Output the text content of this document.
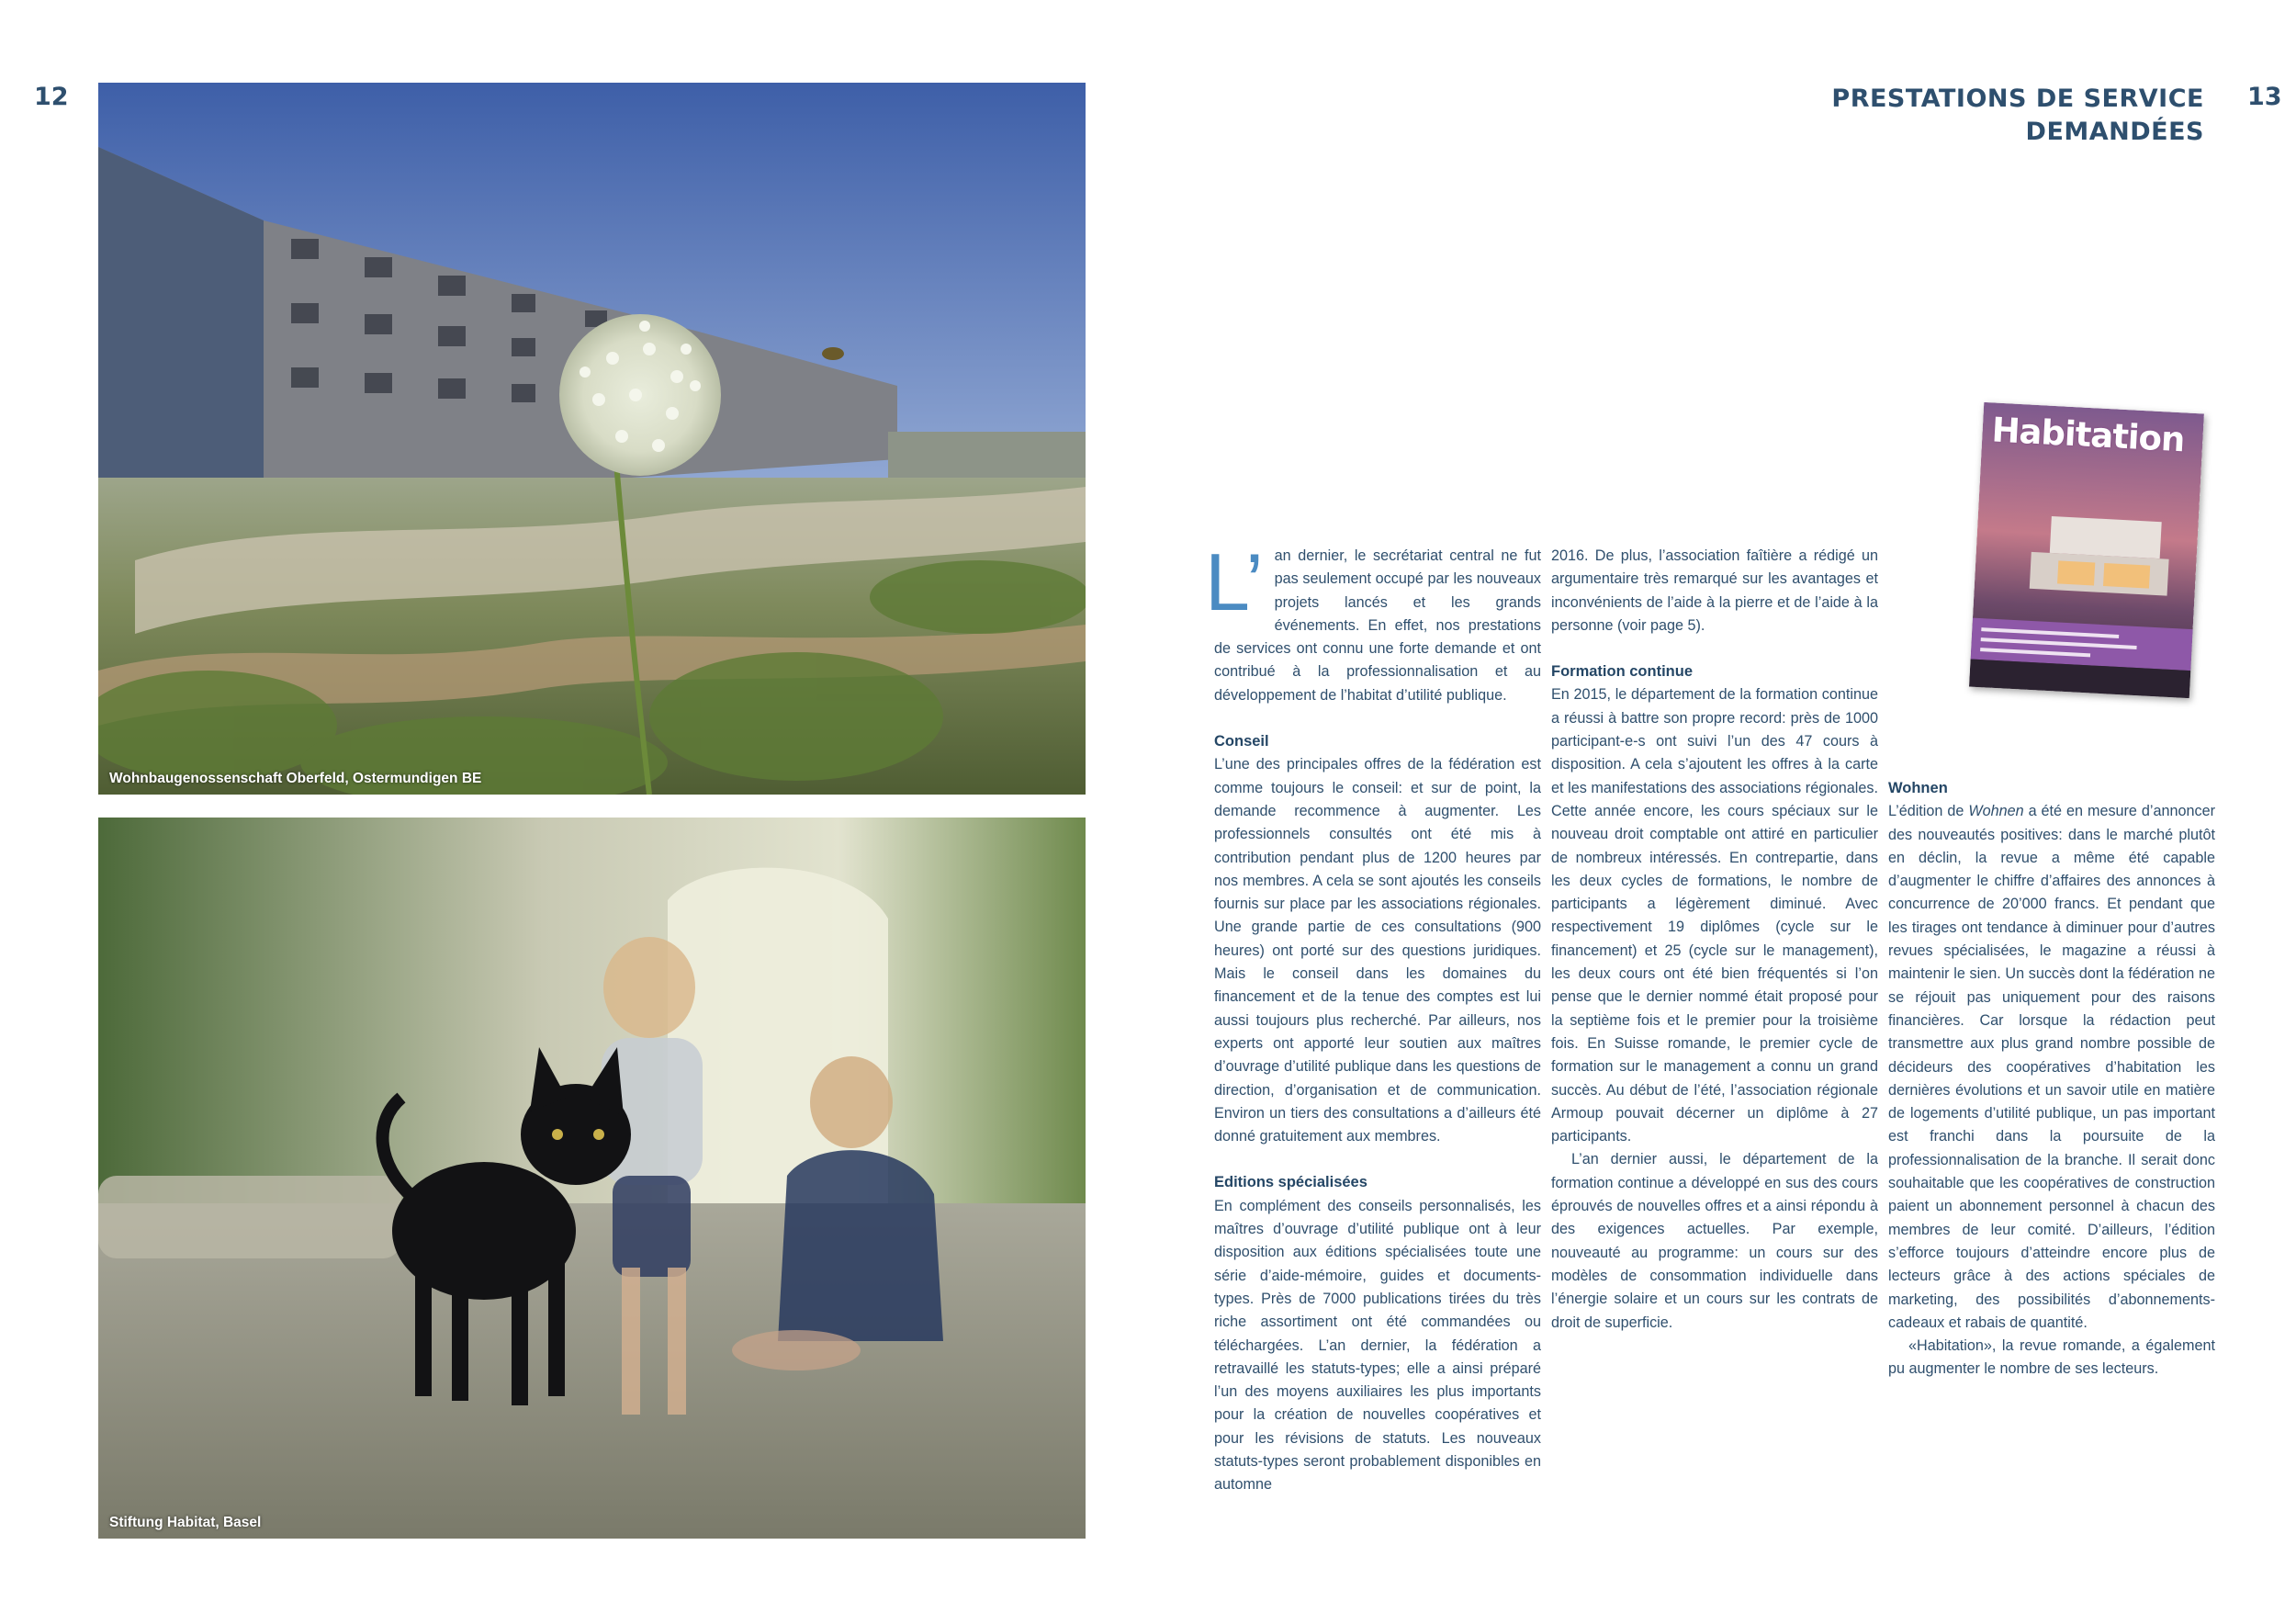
12
Wohnbaugenossenschaft Oberfeld, Ostermundigen BE
Stiftung Habitat, Basel
PRESTATIONS DE SERVICE
DEMANDÉES
13
Habitation

L’ an dernier, le secrétariat central ne fut pas seulement occupé par les nouveaux projets lancés et les grands événements. En effet, nos prestations de services ont connu une forte demande et ont contribué à la professionnalisation et au développement de l’habitat d’utilité publique.

Conseil

L’une des principales offres de la fédération est comme toujours le conseil: et sur de point, la demande recommence à augmenter. Les professionnels consultés ont été mis à contribution pendant plus de 1200 heures par nos membres. A cela se sont ajoutés les conseils fournis sur place par les associations régionales. Une grande partie de ces consultations (900 heures) ont porté sur des questions juridiques. Mais le conseil dans les domaines du financement et de la tenue des comptes est lui aussi toujours plus recherché. Par ailleurs, nos experts ont apporté leur soutien aux maîtres d’ouvrage d’utilité publique dans les questions de direction, d’organisation et de communication. Environ un tiers des consultations a d’ailleurs été donné gratuitement aux membres.

Editions spécialisées

En complément des conseils personnalisés, les maîtres d’ouvrage d’utilité publique ont à leur disposition aux éditions spécialisées toute une série d’aide-mémoire, guides et documents-types. Près de 7000 publications tirées du très riche assortiment ont été commandées ou téléchargées. L’an dernier, la fédération a retravaillé les statuts-types; elle a ainsi préparé l’un des moyens auxiliaires les plus importants pour la création de nouvelles coopératives et pour les révisions de statuts. Les nouveaux statuts-types seront probablement disponibles en automne

2016. De plus, l’association faîtière a rédigé un argumentaire très remarqué sur les avantages et inconvénients de l’aide à la pierre et de l’aide à la personne (voir page 5).

Formation continue

En 2015, le département de la formation continue a réussi à battre son propre record: près de 1000 participant-e-s ont suivi l’un des 47 cours à disposition. A cela s’ajoutent les offres à la carte et les manifestations des associations régionales. Cette année encore, les cours spéciaux sur le nouveau droit comptable ont attiré en particulier de nombreux intéressés. En contrepartie, dans les deux cycles de formations, le nombre de participants a légèrement diminué. Avec respectivement 19 diplômes (cycle sur le financement) et 25 (cycle sur le management), les deux cours ont été bien fréquentés si l’on pense que le dernier nommé était proposé pour la septième fois et le premier pour la troisième fois. En Suisse romande, le premier cycle de formation sur le management a connu un grand succès. Au début de l’été, l’association régionale Armoup pouvait décerner un diplôme à 27 participants.

L’an dernier aussi, le département de la formation continue a développé en sus des cours éprouvés de nouvelles offres et a ainsi répondu à des exigences actuelles. Par exemple, nouveauté au programme: un cours sur des modèles de consommation individuelle dans l’énergie solaire et un cours sur les contrats de droit de superficie.

Wohnen

L’édition de Wohnen a été en mesure d’annoncer des nouveautés positives: dans le marché plutôt en déclin, la revue a même été capable d’augmenter le chiffre d’affaires des annonces à concurrence de 20’000 francs. Et pendant que les tirages ont tendance à diminuer pour d’autres revues spécialisées, le magazine a réussi à maintenir le sien. Un succès dont la fédération ne se réjouit pas uniquement pour des raisons financières. Car lorsque la rédaction peut transmettre aux plus grand nombre possible de décideurs des coopératives d’habitation les dernières évolutions et un savoir utile en matière de logements d’utilité publique, un pas important est franchi dans la poursuite de la professionnalisation de la branche. Il serait donc souhaitable que les coopératives de construction paient un abonnement personnel à chacun des membres de leur comité. D’ailleurs, l’édition s’efforce toujours d’atteindre encore plus de lecteurs grâce à des actions spéciales de marketing, des possibilités d’abonnements-cadeaux et rabais de quantité.

«Habitation», la revue romande, a également pu augmenter le nombre de ses lecteurs.
